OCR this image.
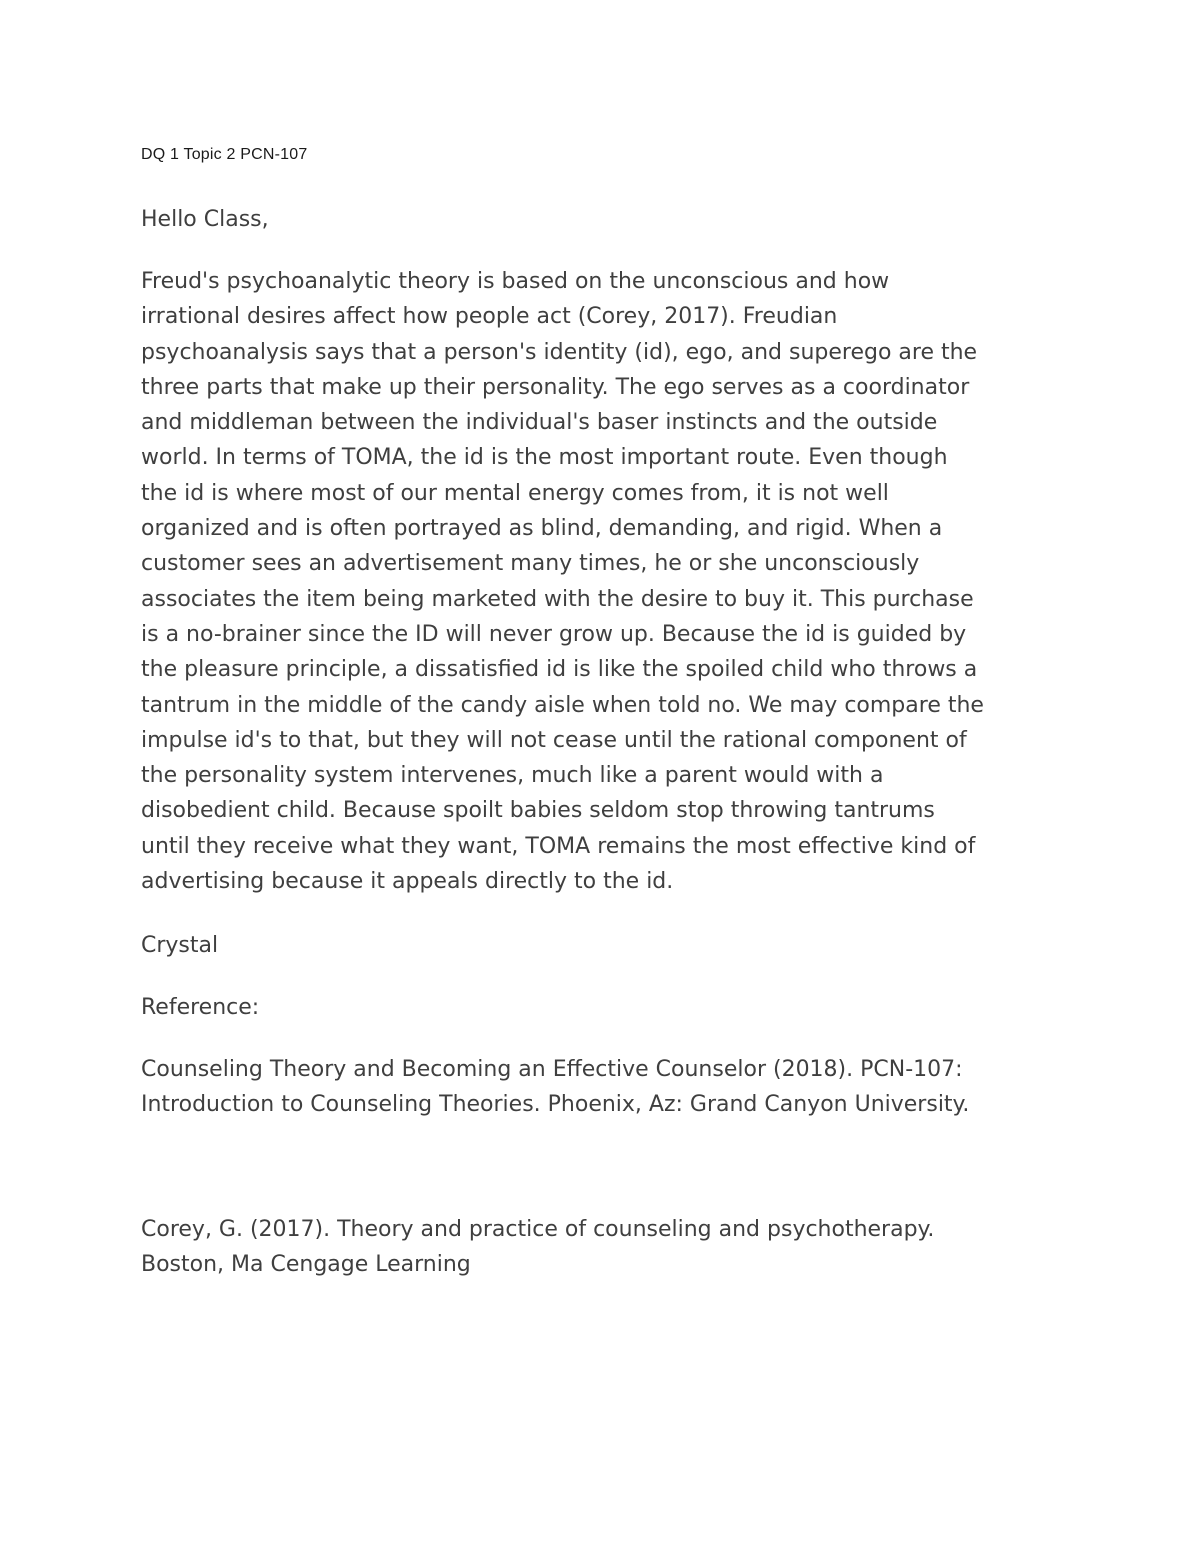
DQ 1 Topic 2 PCN-107

Hello Class,

Freud's psychoanalytic theory is based on the unconscious and how
irrational desires affect how people act (Corey, 2017). Freudian
psychoanalysis says that a person's identity (id), ego, and superego are the
three parts that make up their personality. The ego serves as a coordinator
and middleman between the individual's baser instincts and the outside
world. In terms of TOMA, the id is the most important route. Even though
the id is where most of our mental energy comes from, it is not well
organized and is often portrayed as blind, demanding, and rigid. When a
customer sees an advertisement many times, he or she unconsciously
associates the item being marketed with the desire to buy it. This purchase
is a no-brainer since the ID will never grow up. Because the id is guided by
the pleasure principle, a dissatisfied id is like the spoiled child who throws a
tantrum in the middle of the candy aisle when told no. We may compare the
impulse id's to that, but they will not cease until the rational component of
the personality system intervenes, much like a parent would with a
disobedient child. Because spoilt babies seldom stop throwing tantrums
until they receive what they want, TOMA remains the most effective kind of
advertising because it appeals directly to the id.

Crystal

Reference:

Counseling Theory and Becoming an Effective Counselor (2018). PCN-107:
Introduction to Counseling Theories. Phoenix, Az: Grand Canyon University.

Corey, G. (2017). Theory and practice of counseling and psychotherapy.
Boston, Ma Cengage Learning
